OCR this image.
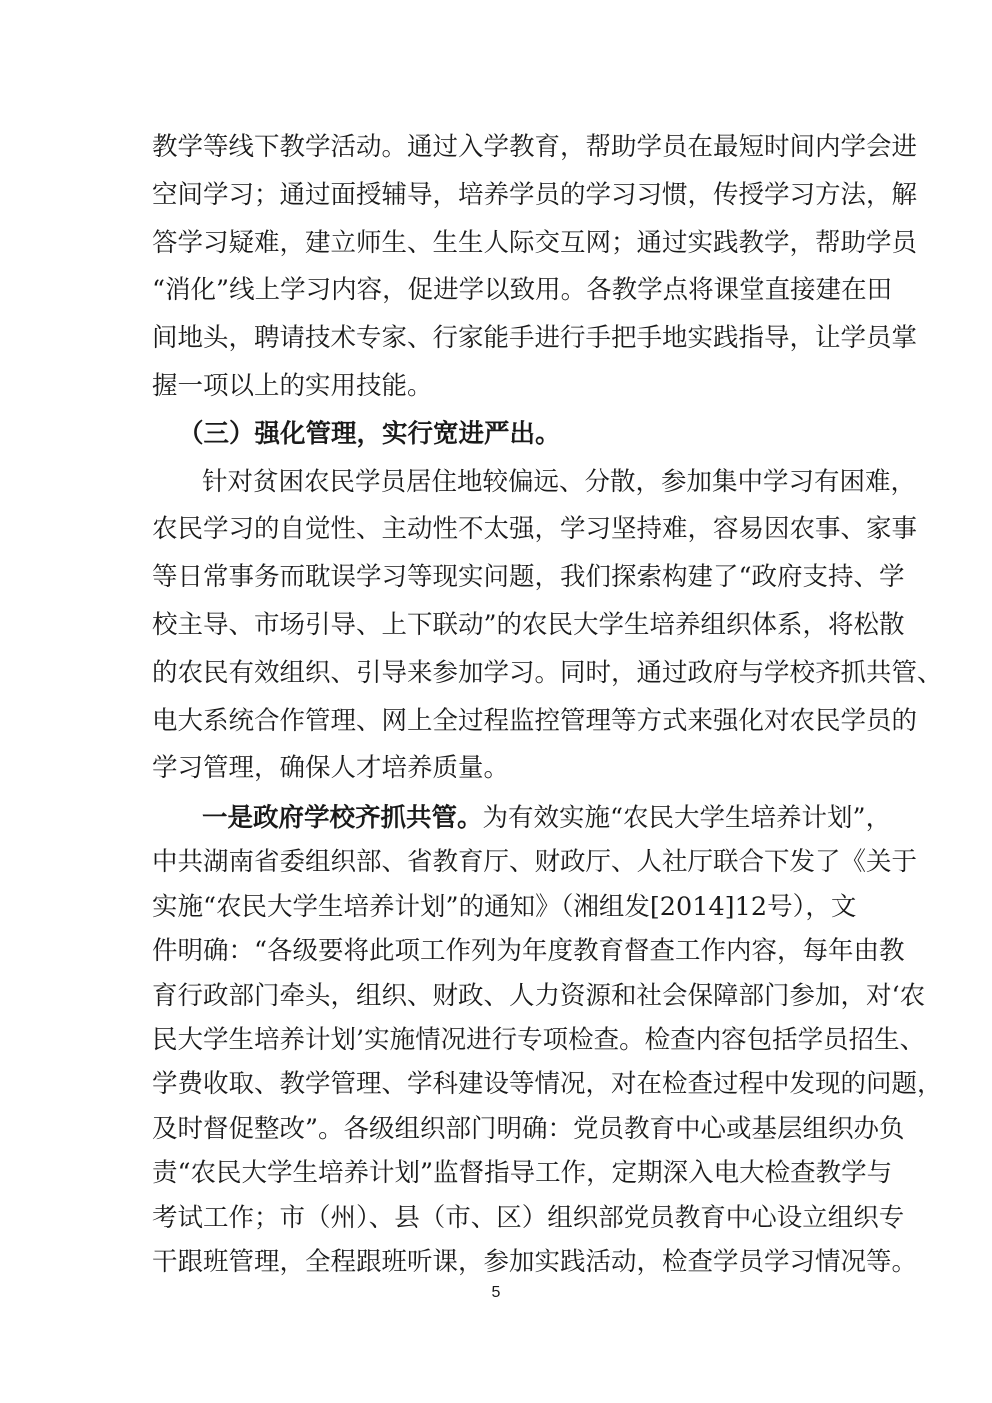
教学等线下教学活动。通过入学教育，帮助学员在最短时间内学会进
空间学习；通过面授辅导，培养学员的学习习惯，传授学习方法，解
答学习疑难，建立师生、生生人际交互网；通过实践教学，帮助学员
“消化”线上学习内容，促进学以致用。各教学点将课堂直接建在田
间地头，聘请技术专家、行家能手进行手把手地实践指导，让学员掌
握一项以上的实用技能。
（三）强化管理，实行宽进严出。
针对贫困农民学员居住地较偏远、分散，参加集中学习有困难，
农民学习的自觉性、主动性不太强，学习坚持难，容易因农事、家事
等日常事务而耽误学习等现实问题，我们探索构建了“政府支持、学
校主导、市场引导、上下联动”的农民大学生培养组织体系，将松散
的农民有效组织、引导来参加学习。同时，通过政府与学校齐抓共管、
电大系统合作管理、网上全过程监控管理等方式来强化对农民学员的
学习管理，确保人才培养质量。
一是政府学校齐抓共管。为有效实施“农民大学生培养计划”，
中共湖南省委组织部、省教育厅、财政厅、人社厅联合下发了《关于
实施“农民大学生培养计划”的通知》（湘组发[2014]12号），文
件明确：“各级要将此项工作列为年度教育督查工作内容，每年由教
育行政部门牵头，组织、财政、人力资源和社会保障部门参加，对‘农
民大学生培养计划’实施情况进行专项检查。检查内容包括学员招生、
学费收取、教学管理、学科建设等情况，对在检查过程中发现的问题，
及时督促整改”。各级组织部门明确：党员教育中心或基层组织办负
责“农民大学生培养计划”监督指导工作，定期深入电大检查教学与
考试工作；市（州）、县（市、区）组织部党员教育中心设立组织专
5
干跟班管理，全程跟班听课，参加实践活动，检查学员学习情况等。
